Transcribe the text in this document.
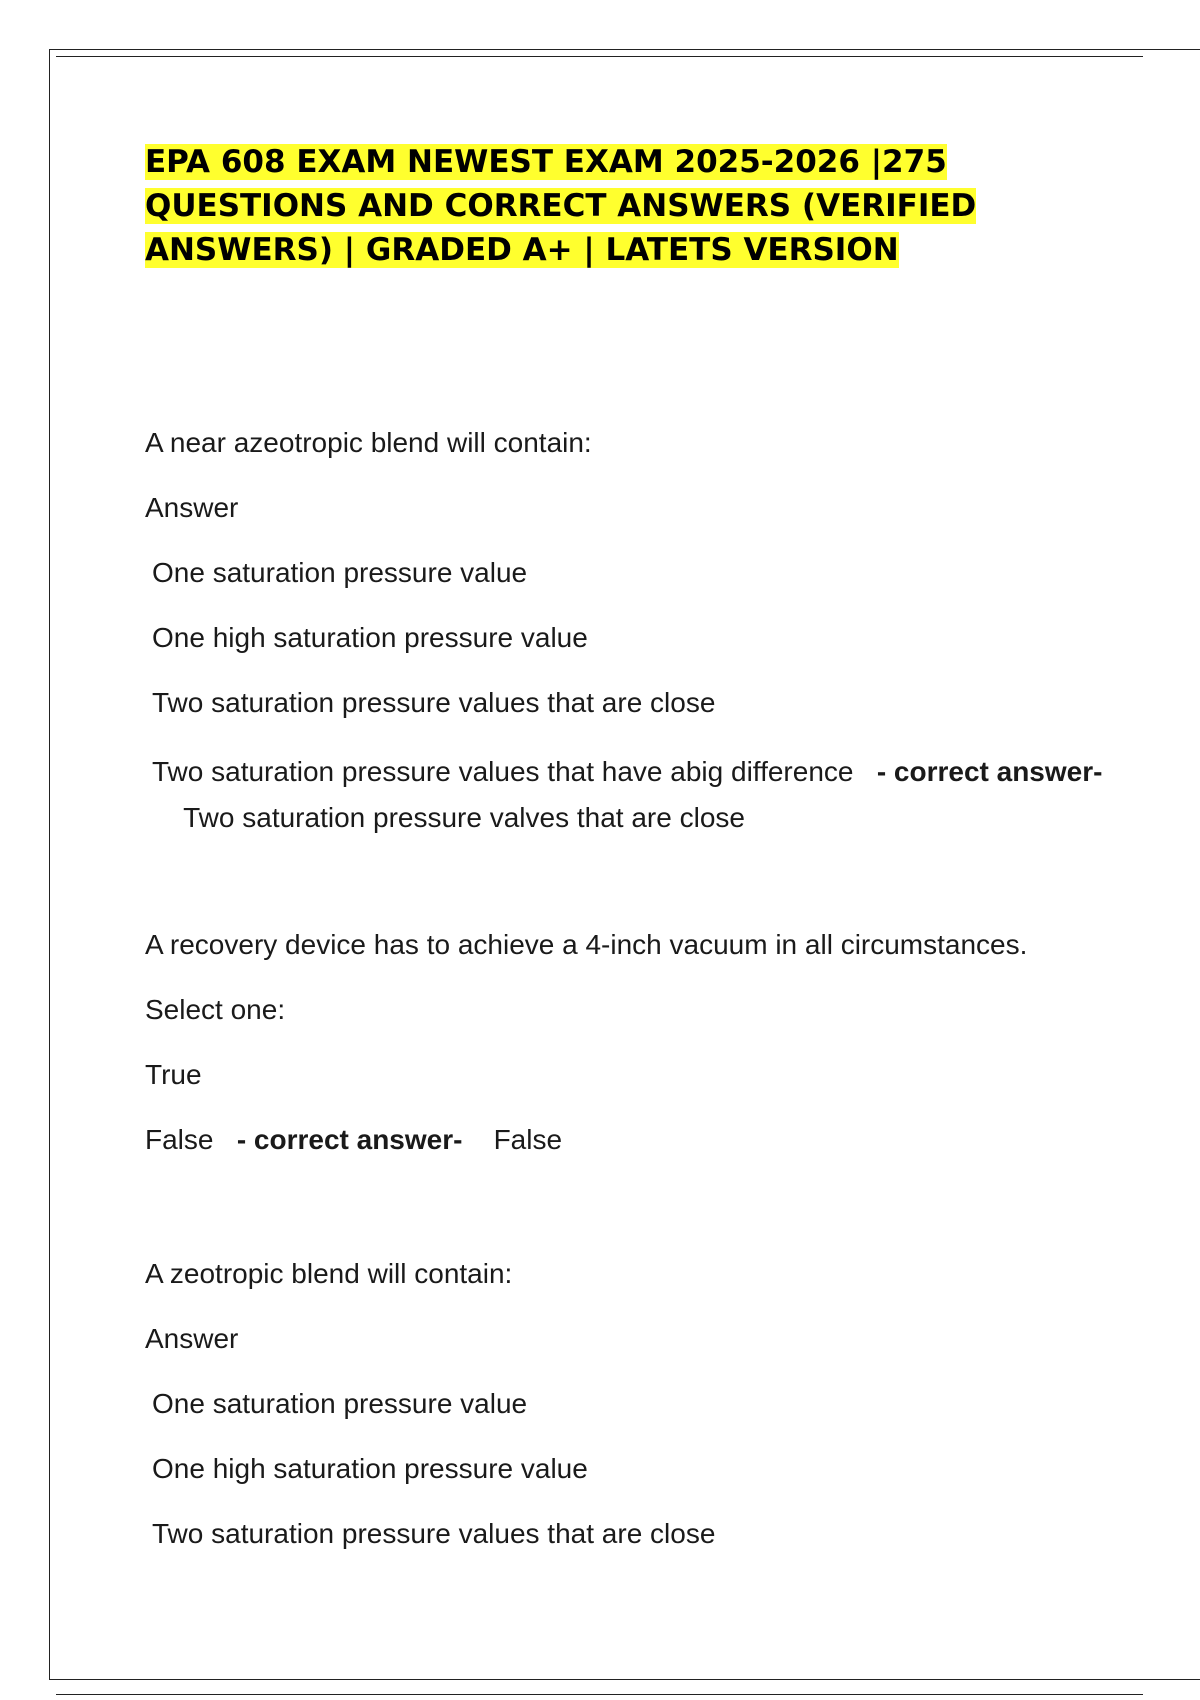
EPA 608 EXAM NEWEST EXAM 2025-2026 |275 QUESTIONS AND CORRECT ANSWERS (VERIFIED ANSWERS) | GRADED A+ | LATETS VERSION

A near azeotropic blend will contain:

Answer

One saturation pressure value

One high saturation pressure value

Two saturation pressure values that are close

Two saturation pressure values that have abig difference - correct answer-    Two saturation pressure valves that are close

A recovery device has to achieve a 4-inch vacuum in all circumstances.

Select one:

True

False - correct answer- False

A zeotropic blend will contain:

Answer

One saturation pressure value

One high saturation pressure value

Two saturation pressure values that are close
